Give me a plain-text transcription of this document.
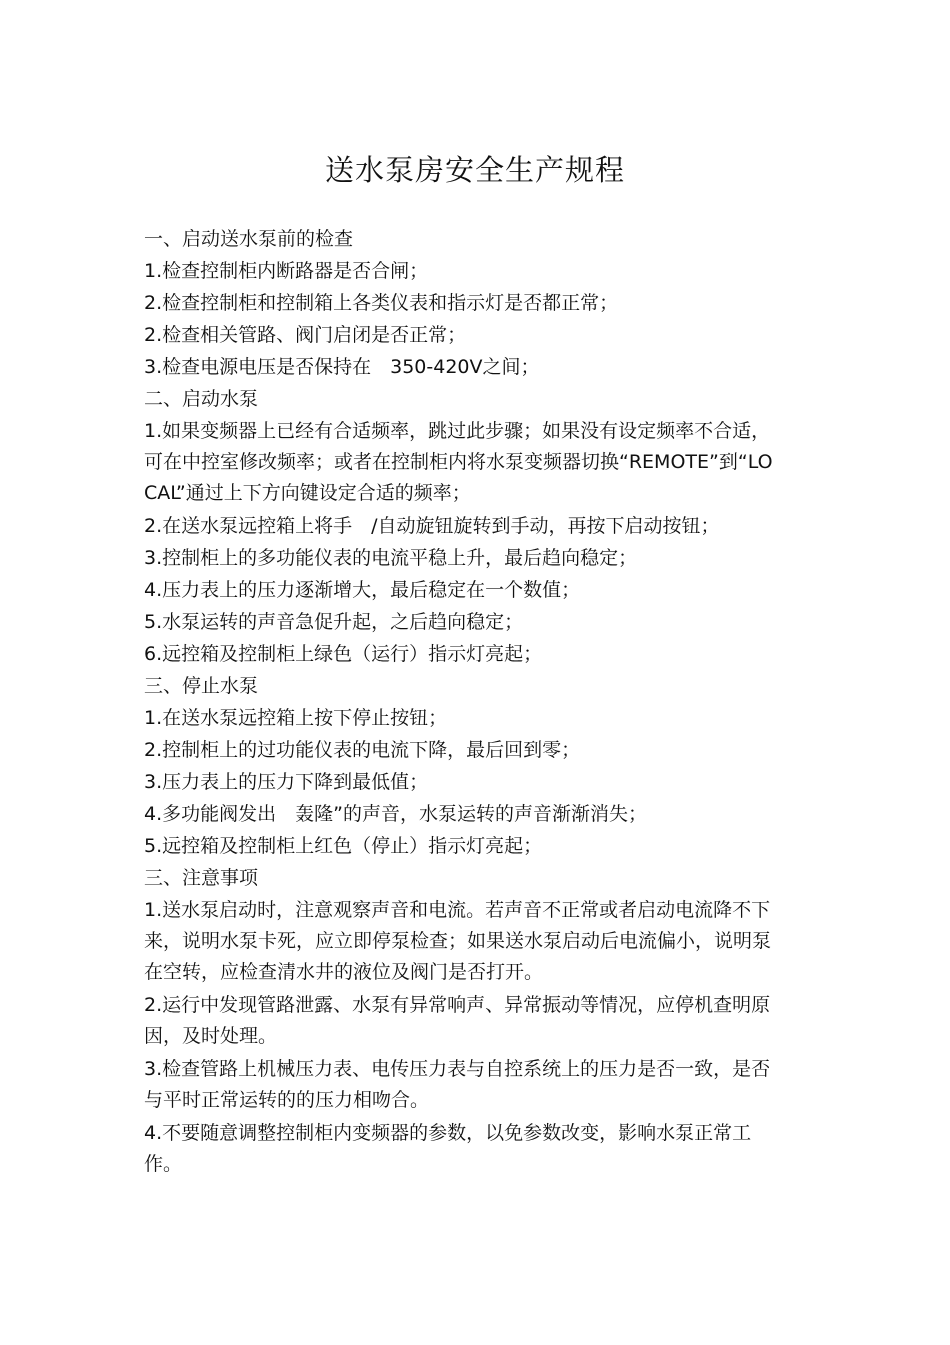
送水泵房安全生产规程

一、启动送水泵前的检查

1.检查控制柜内断路器是否合闸；

2.检查控制柜和控制箱上各类仪表和指示灯是否都正常；

2.检查相关管路、阀门启闭是否正常；

3.检查电源电压是否保持在　350-420V之间；

二、启动水泵

1.如果变频器上已经有合适频率，跳过此步骤；如果没有设定频率不合适，可在中控室修改频率；或者在控制柜内将水泵变频器切换“REMOTE”到“LOCAL”通过上下方向键设定合适的频率；

2.在送水泵远控箱上将手　/自动旋钮旋转到手动，再按下启动按钮；

3.控制柜上的多功能仪表的电流平稳上升，最后趋向稳定；

4.压力表上的压力逐渐增大，最后稳定在一个数值；

5.水泵运转的声音急促升起，之后趋向稳定；

6.远控箱及控制柜上绿色（运行）指示灯亮起；

三、停止水泵

1.在送水泵远控箱上按下停止按钮；

2.控制柜上的过功能仪表的电流下降，最后回到零；

3.压力表上的压力下降到最低值；

4.多功能阀发出　轰隆”的声音，水泵运转的声音渐渐消失；

5.远控箱及控制柜上红色（停止）指示灯亮起；

三、注意事项

1.送水泵启动时，注意观察声音和电流。若声音不正常或者启动电流降不下来，说明水泵卡死，应立即停泵检查；如果送水泵启动后电流偏小，说明泵在空转，应检查清水井的液位及阀门是否打开。

2.运行中发现管路泄露、水泵有异常响声、异常振动等情况，应停机查明原因，及时处理。

3.检查管路上机械压力表、电传压力表与自控系统上的压力是否一致，是否与平时正常运转的的压力相吻合。

4.不要随意调整控制柜内变频器的参数，以免参数改变，影响水泵正常工作。
